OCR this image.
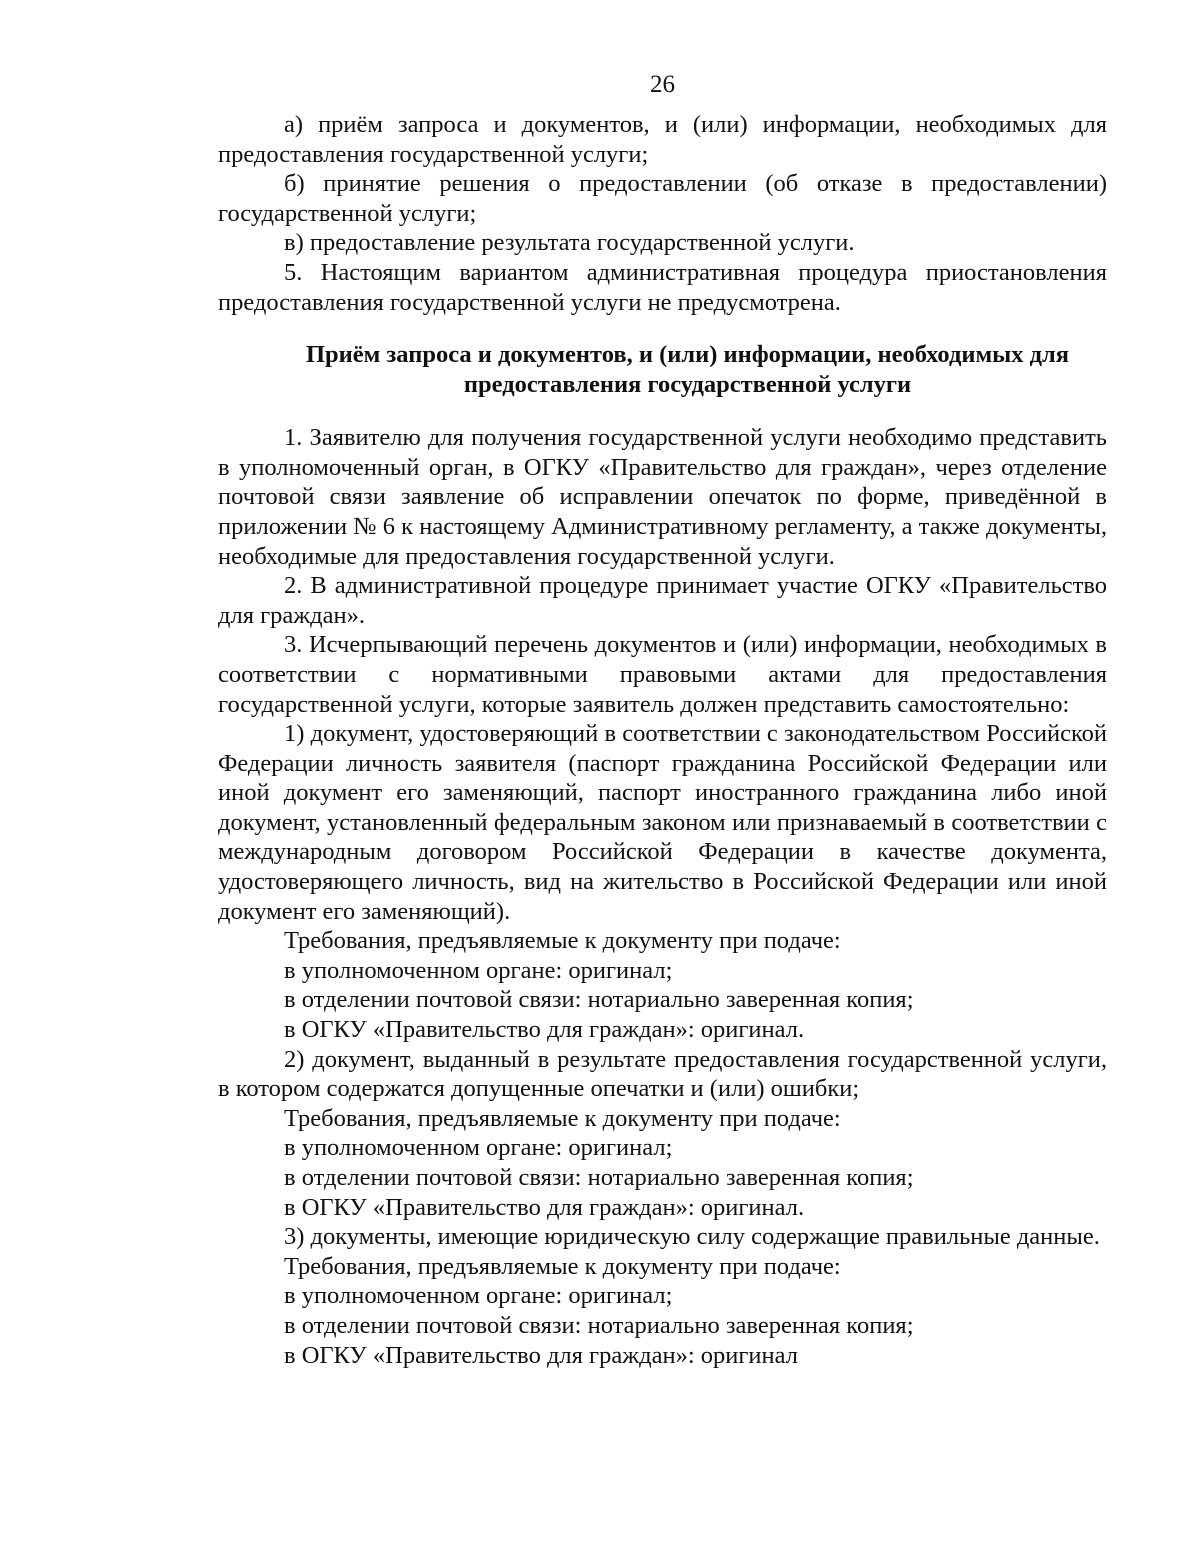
26

а) приём запроса и документов, и (или) информации, необходимых для предоставления государственной услуги;

б) принятие решения о предоставлении (об отказе в предоставлении) государственной услуги;

в) предоставление результата государственной услуги.

5. Настоящим вариантом административная процедура приостановления предоставления государственной услуги не предусмотрена.

Приём запроса и документов, и (или) информации, необходимых для
предоставления государственной услуги

1. Заявителю для получения государственной услуги необходимо представить в уполномоченный орган, в ОГКУ «Правительство для граждан», через отделение почтовой связи заявление об исправлении опечаток по форме, приведённой в приложении № 6 к настоящему Административному регламенту, а также документы, необходимые для предоставления государственной услуги.

2. В административной процедуре принимает участие ОГКУ «Правительство для граждан».

3. Исчерпывающий перечень документов и (или) информации, необходимых в соответствии с нормативными правовыми актами для предоставления государственной услуги, которые заявитель должен представить самостоятельно:

1) документ, удостоверяющий в соответствии с законодательством Российской Федерации личность заявителя (паспорт гражданина Российской Федерации или иной документ его заменяющий, паспорт иностранного гражданина либо иной документ, установленный федеральным законом или признаваемый в соответствии с международным договором Российской Федерации в качестве документа, удостоверяющего личность, вид на жительство в Российской Федерации или иной документ его заменяющий).

Требования, предъявляемые к документу при подаче:

в уполномоченном органе: оригинал;

в отделении почтовой связи: нотариально заверенная копия;

в ОГКУ «Правительство для граждан»: оригинал.

2) документ, выданный в результате предоставления государственной услуги, в котором содержатся допущенные опечатки и (или) ошибки;

Требования, предъявляемые к документу при подаче:

в уполномоченном органе: оригинал;

в отделении почтовой связи: нотариально заверенная копия;

в ОГКУ «Правительство для граждан»: оригинал.

3) документы, имеющие юридическую силу содержащие правильные данные.

Требования, предъявляемые к документу при подаче:

в уполномоченном органе: оригинал;

в отделении почтовой связи: нотариально заверенная копия;

в ОГКУ «Правительство для граждан»: оригинал
